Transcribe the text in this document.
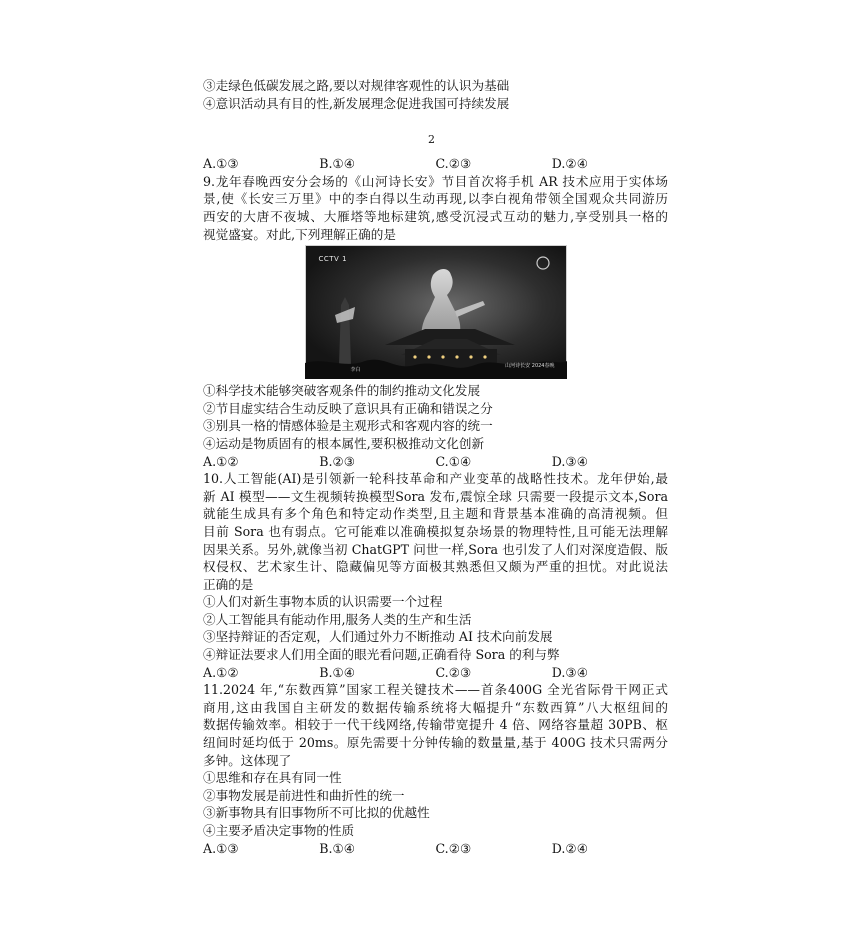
③走绿色低碳发展之路,要以对规律客观性的认识为基础
④意识活动具有目的性,新发展理念促进我国可持续发展
A.①③	B.①④	C.②③	D.②④
9.龙年春晚西安分会场的《山河诗长安》节目首次将手机 AR 技术应用于实体场
景,使《长安三万里》中的李白得以生动再现,以李白视角带领全国观众共同游历
西安的大唐不夜城、大雁塔等地标建筑,感受沉浸式互动的魅力,享受别具一格的
视觉盛宴。对此,下列理解正确的是
CCTV 1
李白
山河诗长安 2024春晚
①科学技术能够突破客观条件的制约推动文化发展
②节目虚实结合生动反映了意识具有正确和错误之分
③别具一格的情感体验是主观形式和客观内容的统一
④运动是物质固有的根本属性,要积极推动文化创新
A.①②	B.②③	C.①④	D.③④
10.人工智能(AI)是引领新一轮科技革命和产业变革的战略性技术。龙年伊始,最
新 AI 模型——文生视频转换模型Sora 发布,震惊全球 只需要一段提示文本,Sora
就能生成具有多个角色和特定动作类型,且主题和背景基本准确的高清视频。但
目前 Sora 也有弱点。它可能难以准确模拟复杂场景的物理特性,且可能无法理解
因果关系。另外,就像当初 ChatGPT 问世一样,Sora 也引发了人们对深度造假、版
权侵权、艺术家生计、隐藏偏见等方面极其熟悉但又颇为严重的担忧。对此说法
正确的是
①人们对新生事物本质的认识需要一个过程
②人工智能具有能动作用,服务人类的生产和生活
③坚持辩证的否定观，人们通过外力不断推动 AI 技术向前发展
④辩证法要求人们用全面的眼光看问题,正确看待 Sora 的利与弊
A.①②	B.①④	C.②③	D.③④
11.2024 年,“东数西算”国家工程关键技术——首条400G 全光省际骨干网正式
商用,这由我国自主研发的数据传输系统将大幅提升“东数西算”八大枢纽间的
数据传输效率。相较于一代干线网络,传输带宽提升 4 倍、网络容量超 30PB、枢
纽间时延均低于 20ms。原先需要十分钟传输的数量量,基于 400G 技术只需两分
多钟。这体现了
①思维和存在具有同一性
②事物发展是前进性和曲折性的统一
③新事物具有旧事物所不可比拟的优越性
④主要矛盾决定事物的性质
A.①③	B.①④	C.②③	D.②④
2
